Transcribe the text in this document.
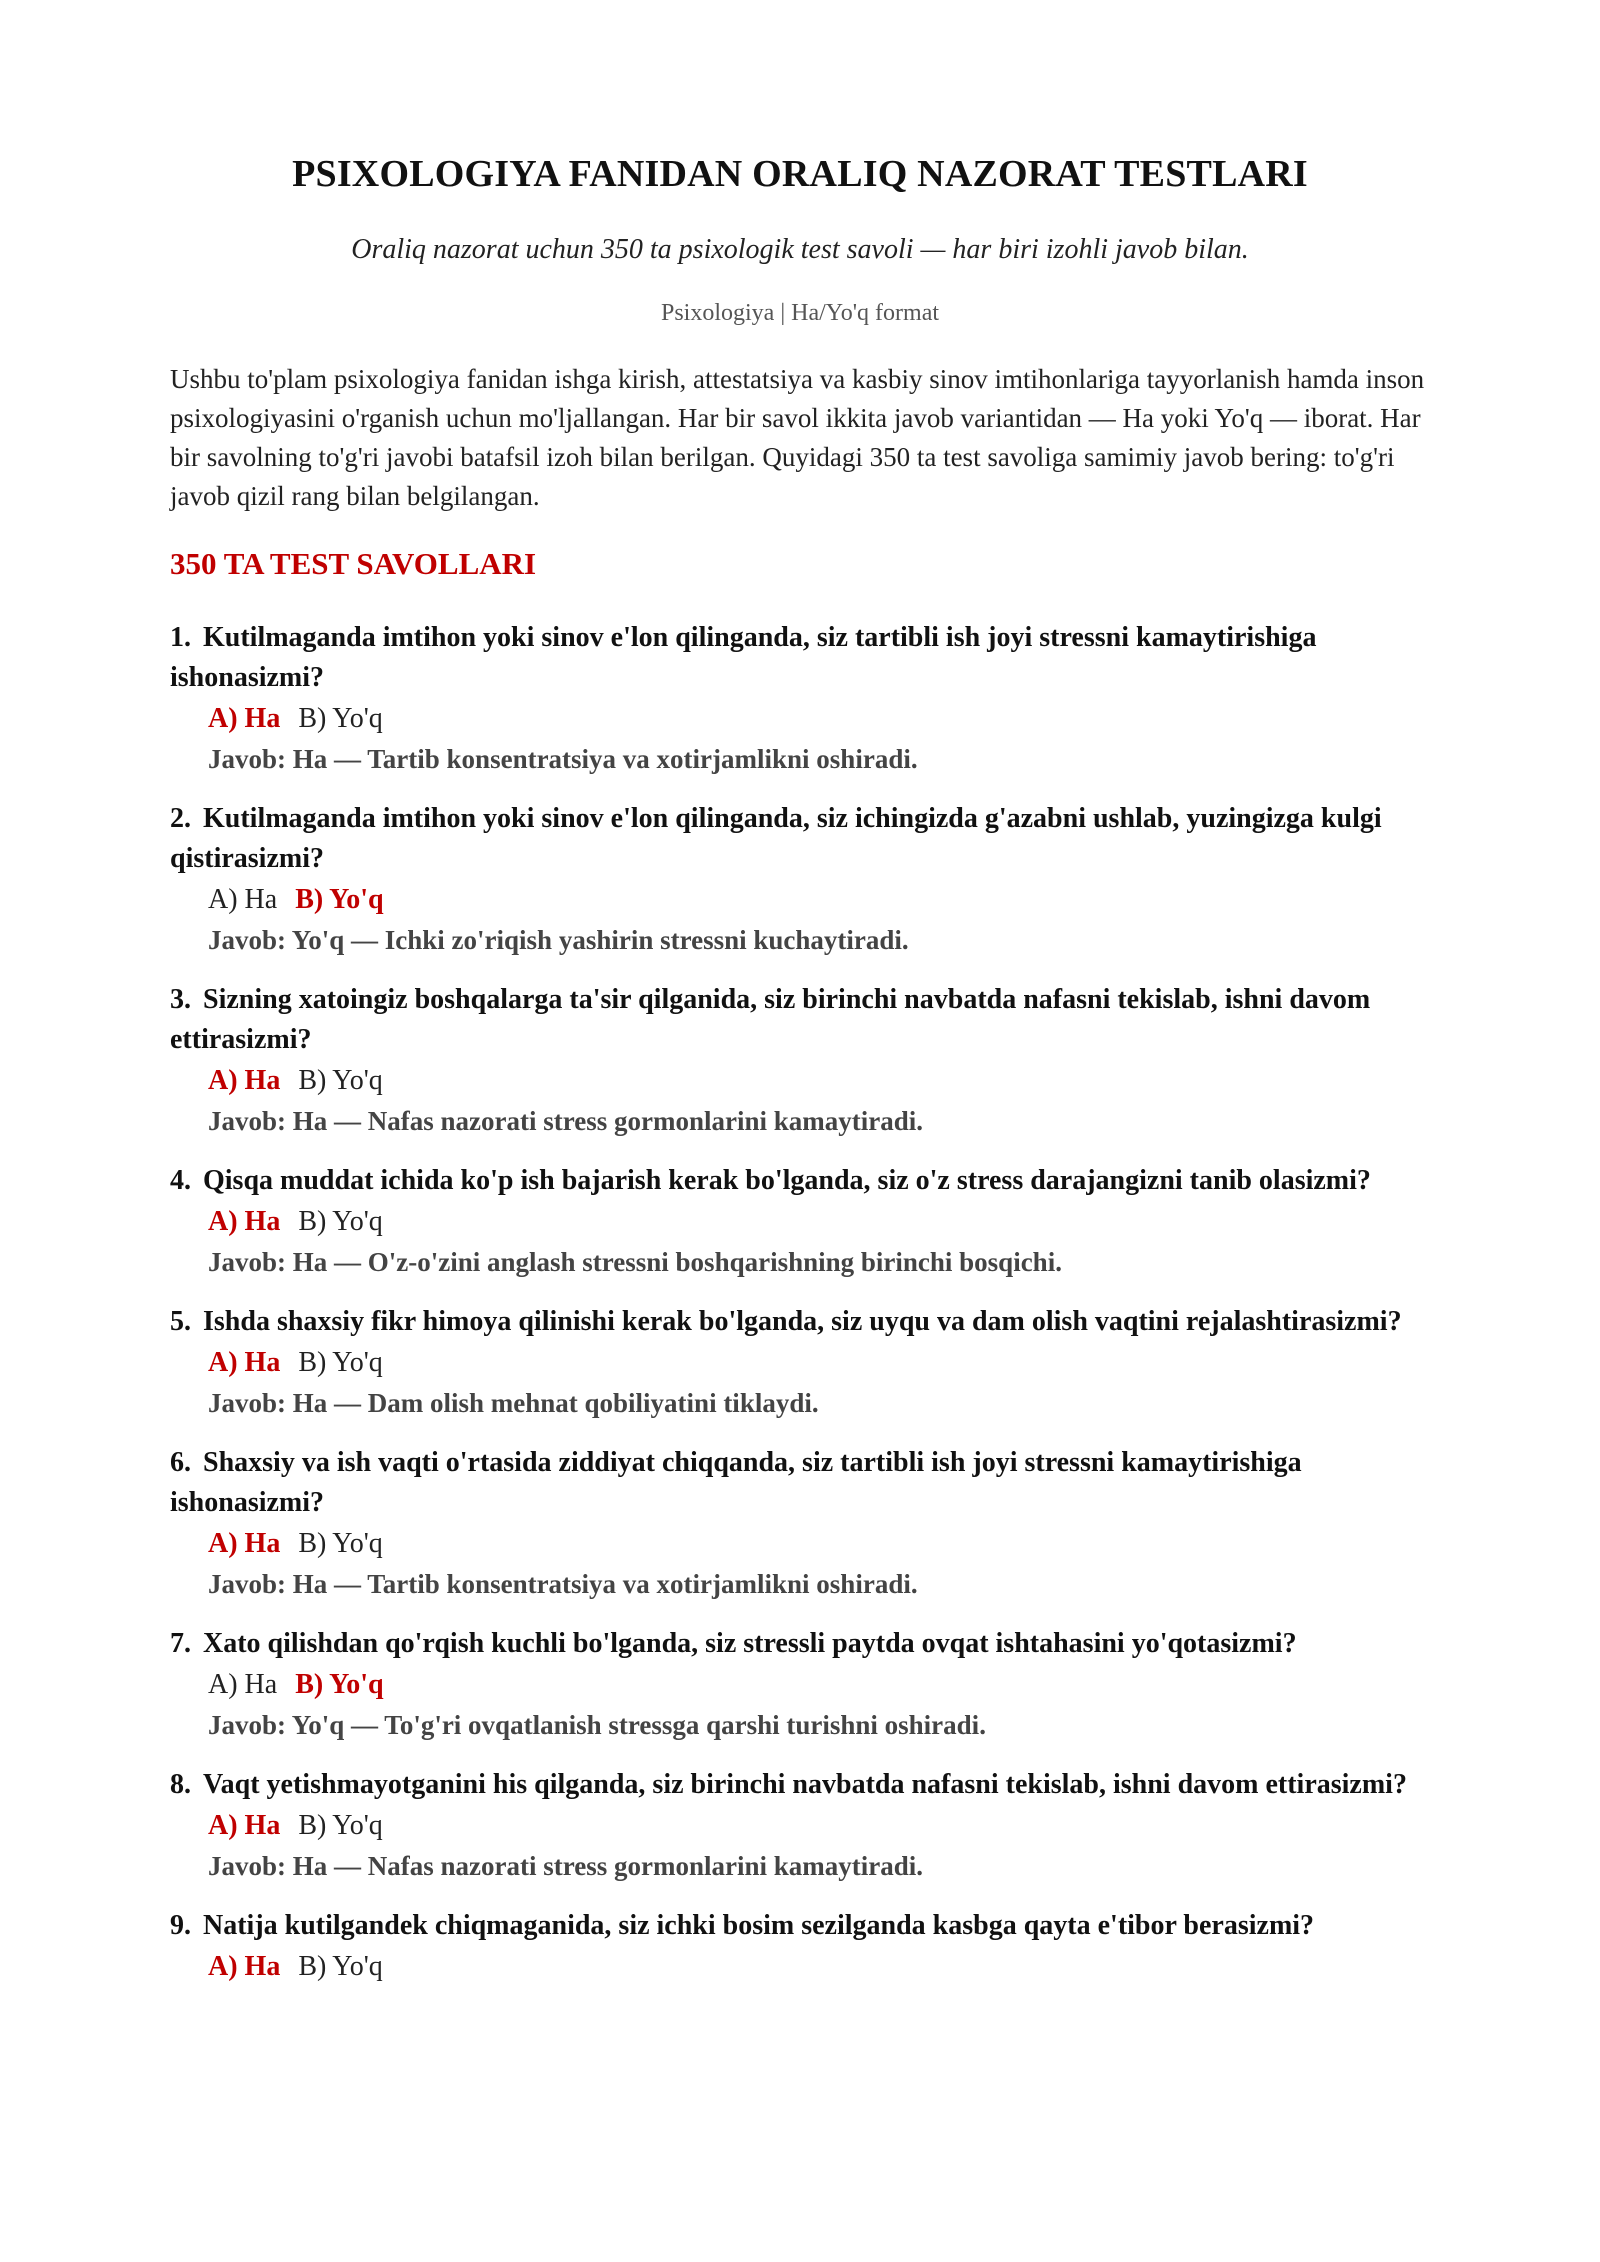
PSIXOLOGIYA FANIDAN ORALIQ NAZORAT TESTLARI
Oraliq nazorat uchun 350 ta psixologik test savoli — har biri izohli javob bilan.
Psixologiya | Ha/Yo'q format
Ushbu to'plam psixologiya fanidan ishga kirish, attestatsiya va kasbiy sinov imtihonlariga tayyorlanish hamda inson psixologiyasini o'rganish uchun mo'ljallangan. Har bir savol ikkita javob variantidan — Ha yoki Yo'q — iborat. Har bir savolning to'g'ri javobi batafsil izoh bilan berilgan. Quyidagi 350 ta test savoliga samimiy javob bering: to'g'ri javob qizil rang bilan belgilangan.
350 TA TEST SAVOLLARI
1. Kutilmaganda imtihon yoki sinov e'lon qilinganda, siz tartibli ish joyi stressni kamaytirishiga ishonasizmi?
A) Ha B) Yo'q
Javob: Ha — Tartib konsentratsiya va xotirjamlikni oshiradi.
2. Kutilmaganda imtihon yoki sinov e'lon qilinganda, siz ichingizda g'azabni ushlab, yuzingizga kulgi qistirasizmi?
A) Ha B) Yo'q
Javob: Yo'q — Ichki zo'riqish yashirin stressni kuchaytiradi.
3. Sizning xatoingiz boshqalarga ta'sir qilganida, siz birinchi navbatda nafasni tekislab, ishni davom ettirasizmi?
A) Ha B) Yo'q
Javob: Ha — Nafas nazorati stress gormonlarini kamaytiradi.
4. Qisqa muddat ichida ko'p ish bajarish kerak bo'lganda, siz o'z stress darajangizni tanib olasizmi?
A) Ha B) Yo'q
Javob: Ha — O'z-o'zini anglash stressni boshqarishning birinchi bosqichi.
5. Ishda shaxsiy fikr himoya qilinishi kerak bo'lganda, siz uyqu va dam olish vaqtini rejalashtirasizmi?
A) Ha B) Yo'q
Javob: Ha — Dam olish mehnat qobiliyatini tiklaydi.
6. Shaxsiy va ish vaqti o'rtasida ziddiyat chiqqanda, siz tartibli ish joyi stressni kamaytirishiga ishonasizmi?
A) Ha B) Yo'q
Javob: Ha — Tartib konsentratsiya va xotirjamlikni oshiradi.
7. Xato qilishdan qo'rqish kuchli bo'lganda, siz stressli paytda ovqat ishtahasini yo'qotasizmi?
A) Ha B) Yo'q
Javob: Yo'q — To'g'ri ovqatlanish stressga qarshi turishni oshiradi.
8. Vaqt yetishmayotganini his qilganda, siz birinchi navbatda nafasni tekislab, ishni davom ettirasizmi?
A) Ha B) Yo'q
Javob: Ha — Nafas nazorati stress gormonlarini kamaytiradi.
9. Natija kutilgandek chiqmaganida, siz ichki bosim sezilganda kasbga qayta e'tibor berasizmi?
A) Ha B) Yo'q
